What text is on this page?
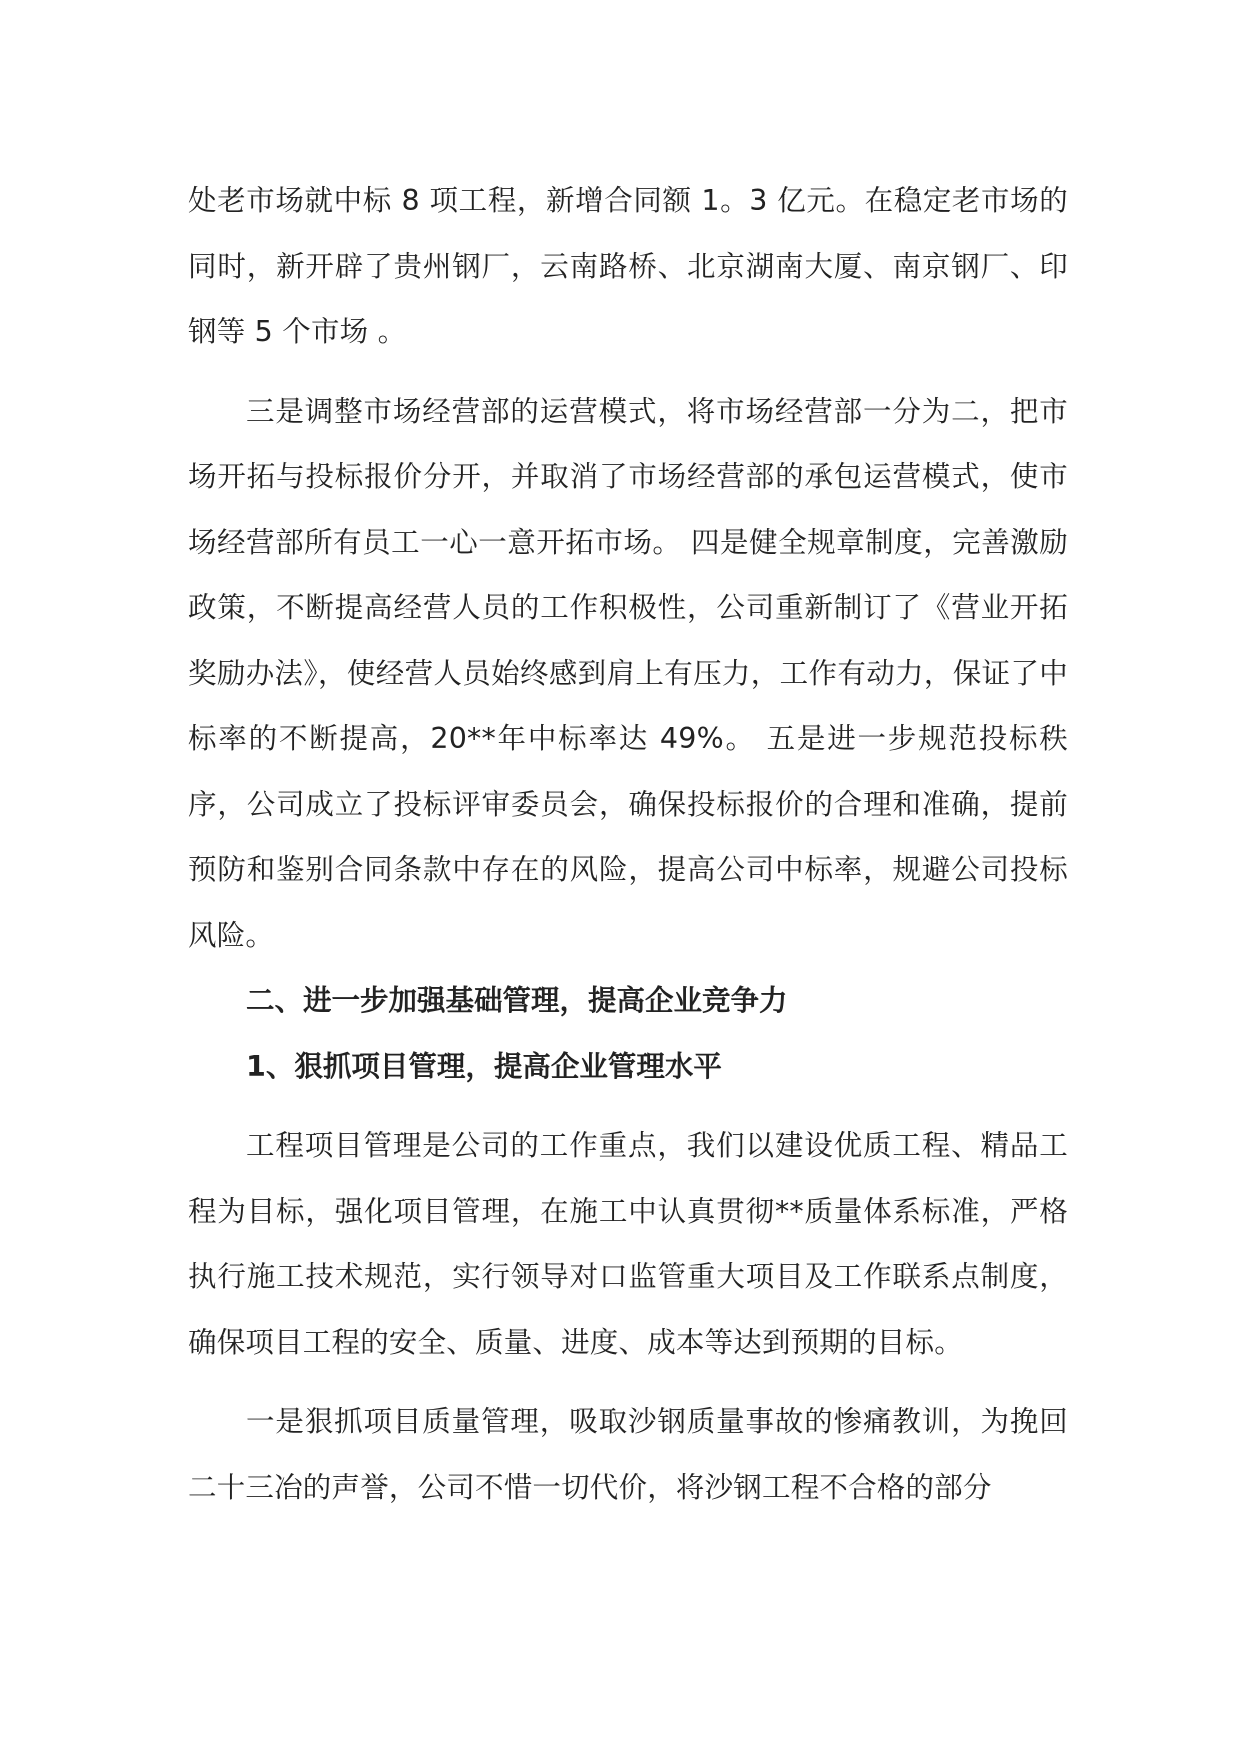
处老市场就中标 8 项工程，新增合同额 1。3 亿元。在稳定老市场的同时，新开辟了贵州钢厂，云南路桥、北京湖南大厦、南京钢厂、印钢等 5 个市场 。

三是调整市场经营部的运营模式，将市场经营部一分为二，把市场开拓与投标报价分开，并取消了市场经营部的承包运营模式，使市场经营部所有员工一心一意开拓市场。 四是健全规章制度，完善激励政策，不断提高经营人员的工作积极性，公司重新制订了《营业开拓奖励办法》，使经营人员始终感到肩上有压力，工作有动力，保证了中标率的不断提高，20**年中标率达 49%。 五是进一步规范投标秩序，公司成立了投标评审委员会，确保投标报价的合理和准确，提前预防和鉴别合同条款中存在的风险，提高公司中标率，规避公司投标风险。

二、进一步加强基础管理，提高企业竞争力

1、狠抓项目管理，提高企业管理水平

工程项目管理是公司的工作重点，我们以建设优质工程、精品工程为目标，强化项目管理，在施工中认真贯彻**质量体系标准，严格执行施工技术规范，实行领导对口监管重大项目及工作联系点制度，确保项目工程的安全、质量、进度、成本等达到预期的目标。

一是狠抓项目质量管理，吸取沙钢质量事故的惨痛教训，为挽回二十三冶的声誉，公司不惜一切代价，将沙钢工程不合格的部分
